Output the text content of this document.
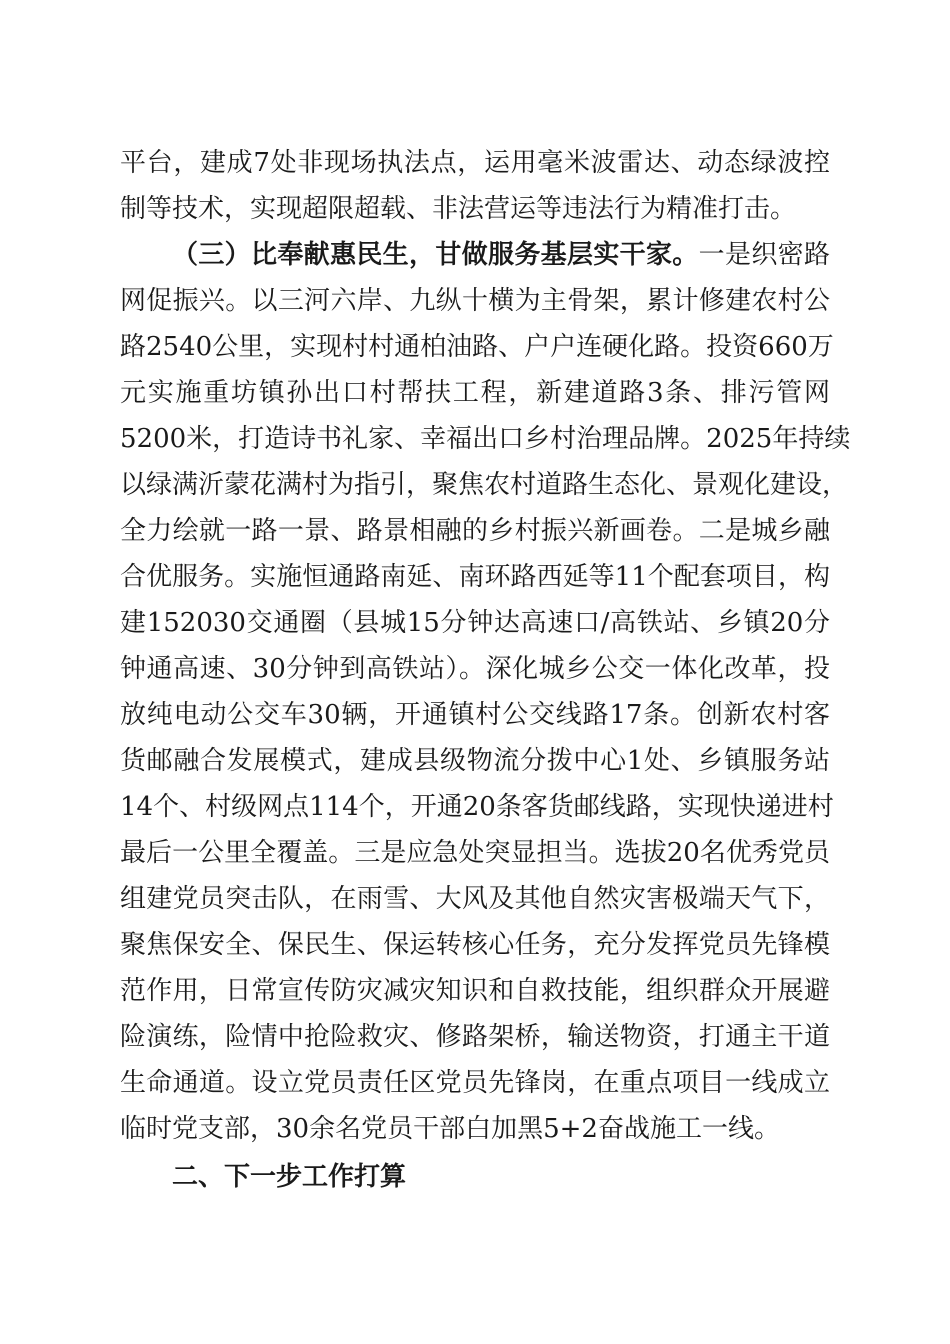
平台，建成7处非现场执法点，运用毫米波雷达、动态绿波控
制等技术，实现超限超载、非法营运等违法行为精准打击。
（三）比奉献惠民生，甘做服务基层实干家。一是织密路
网促振兴。以三河六岸、九纵十横为主骨架，累计修建农村公
路2540公里，实现村村通柏油路、户户连硬化路。投资660万
元实施重坊镇孙出口村帮扶工程，新建道路3条、排污管网
5200米，打造诗书礼家、幸福出口乡村治理品牌。2025年持续
以绿满沂蒙花满村为指引，聚焦农村道路生态化、景观化建设，
全力绘就一路一景、路景相融的乡村振兴新画卷。二是城乡融
合优服务。实施恒通路南延、南环路西延等11个配套项目，构
建152030交通圈（县城15分钟达高速口/高铁站、乡镇20分
钟通高速、30分钟到高铁站）。深化城乡公交一体化改革，投
放纯电动公交车30辆，开通镇村公交线路17条。创新农村客
货邮融合发展模式，建成县级物流分拨中心1处、乡镇服务站
14个、村级网点114个，开通20条客货邮线路，实现快递进村
最后一公里全覆盖。三是应急处突显担当。选拔20名优秀党员
组建党员突击队，在雨雪、大风及其他自然灾害极端天气下，
聚焦保安全、保民生、保运转核心任务，充分发挥党员先锋模
范作用，日常宣传防灾减灾知识和自救技能，组织群众开展避
险演练，险情中抢险救灾、修路架桥，输送物资，打通主干道
生命通道。设立党员责任区党员先锋岗，在重点项目一线成立
临时党支部，30余名党员干部白加黑5+2奋战施工一线。
二、下一步工作打算
